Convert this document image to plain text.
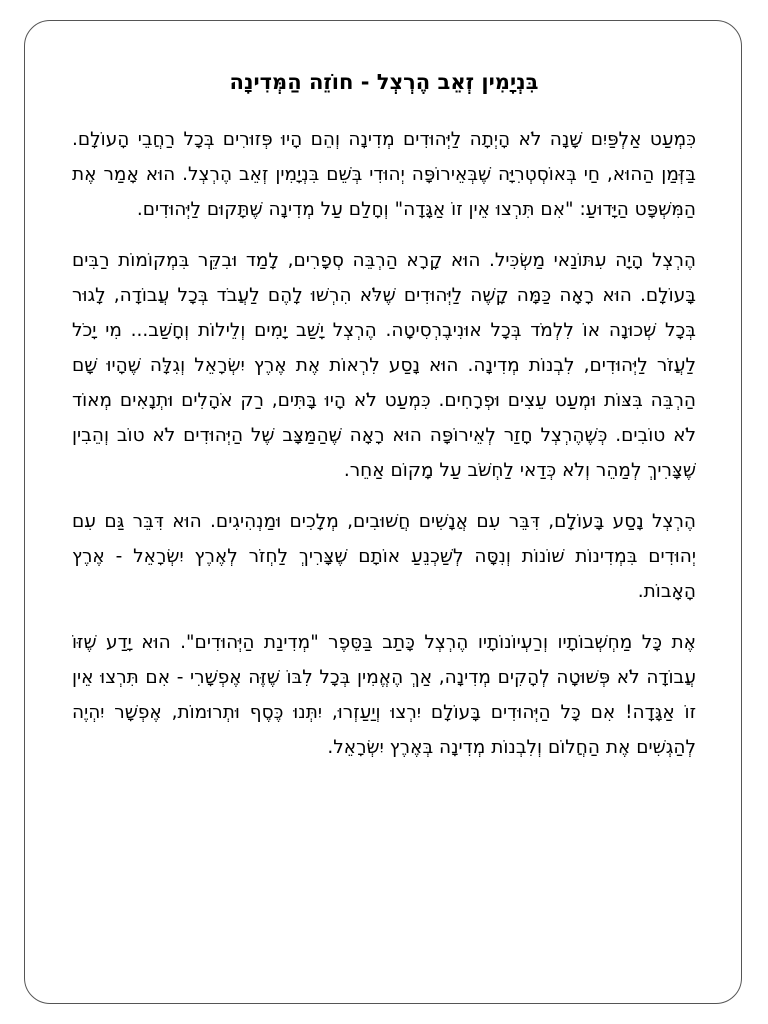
בִּנְיָמִין זְאֵב הֶרְצְל - חוֹזֵה הַמְּדִינָה

כִּמְעַט אַלְפַּיִם שָׁנָה לֹא הָיְתָה לַיְּהוּדִים מְדִינָה וְהֵם הָיוּ פְּזוּרִים בְּכָל רַחֲבֵי הָעוֹלָם. בַּזְּמַן הַהוּא, חַי בְּאוֹסְטְרִיָּה שֶׁבְּאֵירוֹפָּה יְהוּדִי בְּשֵׁם בִּנְיָמִין זְאֵב הֶרְצְל. הוּא אָמַר אֶת הַמִּשְׁפָּט הַיָּדוּעַ: "אִם תִּרְצוּ אֵין זוֹ אַגָּדָה" וְחָלַם עַל מְדִינָה שֶׁתָּקוּם לַיְּהוּדִים.

הֶרְצְל הָיָה עִתּוֹנַאי מַשְׂכִּיל. הוּא קָרָא הַרְבֵּה סְפָרִים, לָמַד וּבִקֵּר בִּמְקוֹמוֹת רַבִּים בָּעוֹלָם. הוּא רָאָה כַּמָּה קָשֶׁה לַיְּהוּדִים שֶׁלֹּא הִרְשׁוּ לָהֶם לַעֲבֹד בְּכָל עֲבוֹדָה, לָגוּר בְּכָל שְׁכוּנָה אוֹ לִלְמֹד בְּכָל אוּנִיבֶרְסִיטָה. הֶרְצְל יָשַׁב יָמִים וְלֵילוֹת וְחָשַׁב... מִי יָכֹל לַעֲזֹר לַיְּהוּדִים, לִבְנוֹת מְדִינָה. הוּא נָסַע לִרְאוֹת אֶת אֶרֶץ יִשְׂרָאֵל וְגִלָּה שֶׁהָיוּ שָׁם הַרְבֵּה בִּצּוֹת וּמְעַט עֵצִים וּפְרָחִים. כִּמְעַט לֹא הָיוּ בָּתִּים, רַק אֹהָלִים וּתְנָאִים מְאוֹד לֹא טוֹבִים. כְּשֶׁהֶרְצְל חָזַר לְאֵירוֹפָּה הוּא רָאָה שֶׁהַמַּצָּב שֶׁל הַיְּהוּדִים לֹא טוֹב וְהֵבִין שֶׁצָּרִיךְ לְמַהֵר וְלֹא כְּדַאי לַחְשֹׁב עַל מָקוֹם אַחֵר.

הֶרְצְל נָסַע בָּעוֹלָם, דִּבֵּר עִם אֲנָשִׁים חֲשׁוּבִים, מְלָכִים וּמַנְהִיגִים. הוּא דִּבֵּר גַּם עִם יְהוּדִים בִּמְדִינוֹת שׁוֹנוֹת וְנִסָּה לְשַׁכְנֵעַ אוֹתָם שֶׁצָּרִיךְ לַחְזֹר לְאֶרֶץ יִשְׂרָאֵל - אֶרֶץ הָאָבוֹת.

אֶת כָּל מַחְשְׁבוֹתָיו וְרַעְיוֹנוֹתָיו הֶרְצְל כָּתַב בַּסֵּפֶר "מְדִינַת הַיְּהוּדִים". הוּא יָדַע שֶׁזּוֹ עֲבוֹדָה לֹא פְּשׁוּטָה לְהָקִים מְדִינָה, אַךְ הֶאֱמִין בְּכָל לִבּוֹ שֶׁזֶּה אֶפְשָׁרִי - אִם תִּרְצוּ אֵין זוֹ אַגָּדָה! אִם כָּל הַיְּהוּדִים בָּעוֹלָם יִרְצוּ וְיַעַזְרוּ, יִתְּנוּ כֶּסֶף וּתְרוּמוֹת, אֶפְשָׁר יִהְיֶה לְהַגְשִׁים אֶת הַחֲלוֹם וְלִבְנוֹת מְדִינָה בְּאֶרֶץ יִשְׂרָאֵל.
